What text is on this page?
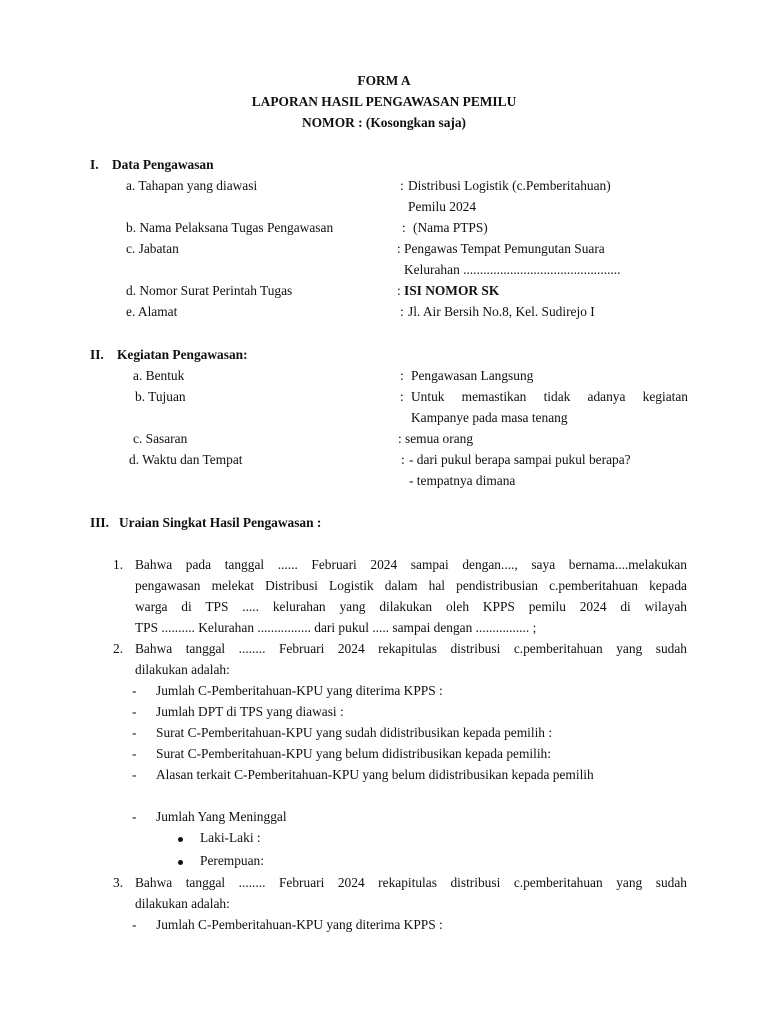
FORM A
LAPORAN HASIL PENGAWASAN PEMILU
NOMOR : (Kosongkan saja)
I. Data Pengawasan
a. Tahapan yang diawasi	: Distribusi Logistik (c.Pemberitahuan)
Pemilu 2024
b. Nama Pelaksana Tugas Pengawasan	: (Nama PTPS)
c. Jabatan	: Pengawas Tempat Pemungutan Suara
Kelurahan ...............................................
d. Nomor Surat Perintah Tugas	: ISI NOMOR SK
e. Alamat	: Jl. Air Bersih No.8, Kel. Sudirejo I
II. Kegiatan Pengawasan:
a. Bentuk	: Pengawasan Langsung
b. Tujuan	: Untuk memastikan tidak adanya kegiatan
Kampanye pada masa tenang
c. Sasaran	: semua orang
d. Waktu dan Tempat	: - dari pukul berapa sampai pukul berapa?
- tempatnya dimana
III. Uraian Singkat Hasil Pengawasan :
1. Bahwa pada tanggal ...... Februari 2024 sampai dengan...., saya bernama....melakukan
pengawasan melekat Distribusi Logistik dalam hal pendistribusian c.pemberitahuan kepada
warga di TPS ..... kelurahan yang dilakukan oleh KPPS pemilu 2024 di wilayah
TPS .......... Kelurahan ................ dari pukul ..... sampai dengan ................ ;
2. Bahwa tanggal ........ Februari 2024 rekapitulas distribusi c.pemberitahuan yang sudah
dilakukan adalah:
- Jumlah C-Pemberitahuan-KPU yang diterima KPPS :
- Jumlah DPT di TPS yang diawasi :
- Surat C-Pemberitahuan-KPU yang sudah didistribusikan kepada pemilih :
- Surat C-Pemberitahuan-KPU yang belum didistribusikan kepada pemilih:
- Alasan terkait C-Pemberitahuan-KPU yang belum didistribusikan kepada pemilih
- Jumlah Yang Meninggal
Laki-Laki :
Perempuan:
3. Bahwa tanggal ........ Februari 2024 rekapitulas distribusi c.pemberitahuan yang sudah
dilakukan adalah:
- Jumlah C-Pemberitahuan-KPU yang diterima KPPS :
